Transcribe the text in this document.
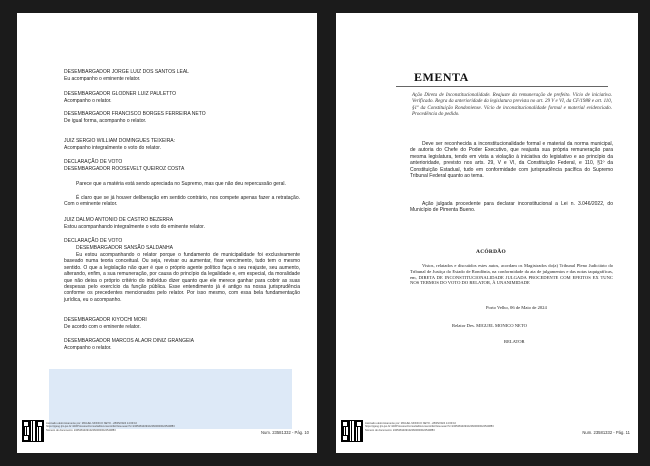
DESEMBARGADOR JORGE LUIZ DOS SANTOS LEAL
Eu acompanho o eminente relator.
DESEMBARGADOR GLODNER LUIZ PAULETTO
Acompanho o relator.
DESEMBARGADOR FRANCISCO BORGES FERREIRA NETO
De igual forma, acompanho o relator.
JUIZ SERGIO WILLIAM DOMINGUES TEIXEIRA:
Acompanho integralmente o voto do relator.
DECLARAÇÃO DE VOTO
DESEMBARGADOR ROOSEVELT QUEIROZ COSTA
Parece que a matéria está sendo apreciada no Supremo, mas que não deu repercussão geral.
É claro que se já houver deliberação em sentido contrário, nos compete apenas fazer a retratação. Com o eminente relator.
JUIZ DALMO ANTONIO DE CASTRO BEZERRA
Estou acompanhando integralmente o voto do eminente relator.
DECLARAÇÃO DE VOTO
DESEMBARGADOR SANSÃO SALDANHA
Eu estou acompanhando o relator porque o fundamento de municipalidade foi exclusivamente baseado numa teoria conceitual. Ou seja, revisar ou aumentar, fixar vencimento, tudo tem o mesmo sentido. O que a legislação não quer é que o próprio agente político faça o seu reajuste, seu aumento, alterando, enfim, a sua remuneração, por causa do princípio da legalidade e, em especial, da moralidade que não deixa o próprio critério do indivíduo dizer quanto que ele merece ganhar para cobrir as suas despesas pelo exercício da função pública. Esse entendimento já é antigo na nossa jurisprudência conforme os precedentes mencionados pelo relator. Por isso mesmo, com essa bela fundamentação jurídica, eu o acompanho.
DESEMBARGADOR KIYOCHI MORI
De acordo com o eminente relator.
DESEMBARGADOR MARCOS ALAOR DINIZ GRANGEIA
Acompanho o relator.
Assinado eletronicamente por: MIGUEL MONICO NETO - 28/05/2024 14:09:10
https://pjesg.tjro.jus.br:443/Processo/ConsultaDocumento/listView.seam?x=24052814091022600000024540883
Número do documento: 24052814091022600000024540883	Num. 23581332 - Pág. 10
EMENTA
Ação Direta de Inconstitucionalidade. Reajuste da remuneração de prefeito. Vício de iniciativa. Verificado. Regra da anterioridade da legislatura prevista no art. 29 V e VI, da CF/1988 e art. 110, §1º da Constituição Rondoniense. Vício de inconstitucionalidade formal e material evidenciado. Procedência do pedido.
Deve ser reconhecida a inconstitucionalidade formal e material da norma municipal, de autoria do Chefe do Poder Executivo, que reajusta sua própria remuneração para mesma legislatura, tendo em vista a violação à iniciativa do legislativo e ao princípio da anterioridade, previsto nos arts. 29, V e VI, da Constituição Federal, e 110, §1º da Constituição Estadual, tudo em conformidade com jurisprudência pacífica do Supremo Tribunal Federal quanto ao tema.
Ação julgada procedente para declarar inconstitucional a Lei n. 3.046/2022, do Município de Pimenta Bueno.
ACÓRDÃO
Vistos, relatados e discutidos estes autos, acordam os Magistrados do(a) Tribunal Pleno Judiciário do Tribunal de Justiça do Estado de Rondônia, na conformidade da ata de julgamentos e das notas taquigráficas, em, DIRETA DE INCONSTITUCIONALIDADE JULGADA PROCEDENTE COM EFEITOS EX TUNC NOS TERMOS DO VOTO DO RELATOR, À UNANIMIDADE
Porto Velho, 06 de Maio de 2024
Relator Des. MIGUEL MONICO NETO
RELATOR
Assinado eletronicamente por: MIGUEL MONICO NETO - 28/05/2024 14:09:10
https://pjesg.tjro.jus.br:443/Processo/ConsultaDocumento/listView.seam?x=24052814091022600000024540883
Número do documento: 24052814091022600000024540883	Num. 23581332 - Pág. 11
